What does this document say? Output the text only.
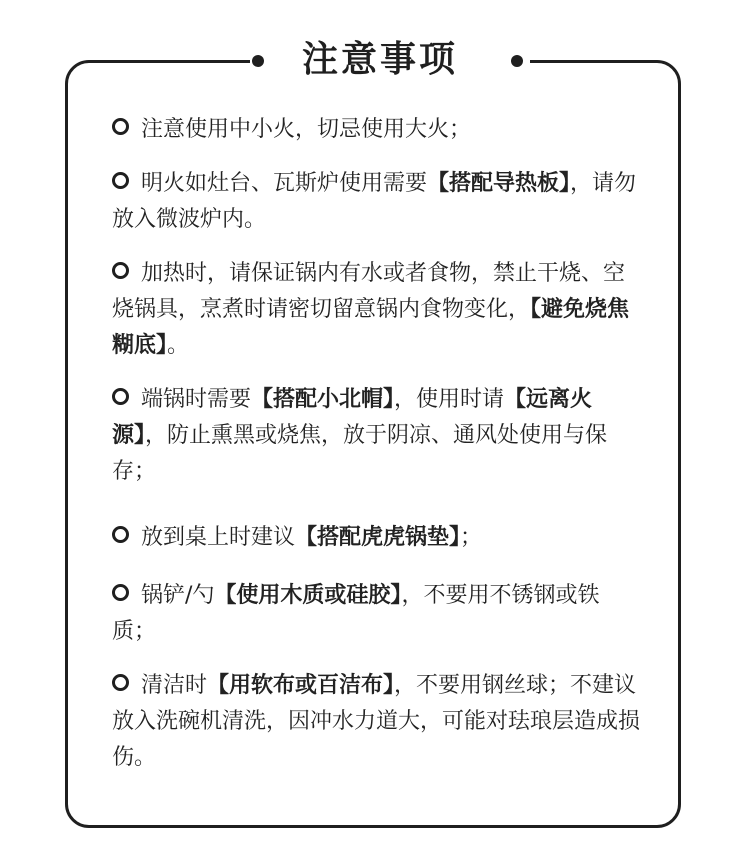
注意事项
注意使用中小火，切忌使用大火；
明火如灶台、瓦斯炉使用需要【搭配导热板】，请勿放入微波炉内。
加热时，请保证锅内有水或者食物，禁止干烧、空烧锅具，烹煮时请密切留意锅内食物变化，【避免烧焦糊底】。
端锅时需要【搭配小北帽】，使用时请【远离火源】，防止熏黑或烧焦，放于阴凉、通风处使用与保存；
放到桌上时建议【搭配虎虎锅垫】；
锅铲/勺【使用木质或硅胶】，不要用不锈钢或铁质；
清洁时【用软布或百洁布】，不要用钢丝球；不建议放入洗碗机清洗，因冲水力道大，可能对珐琅层造成损伤。
